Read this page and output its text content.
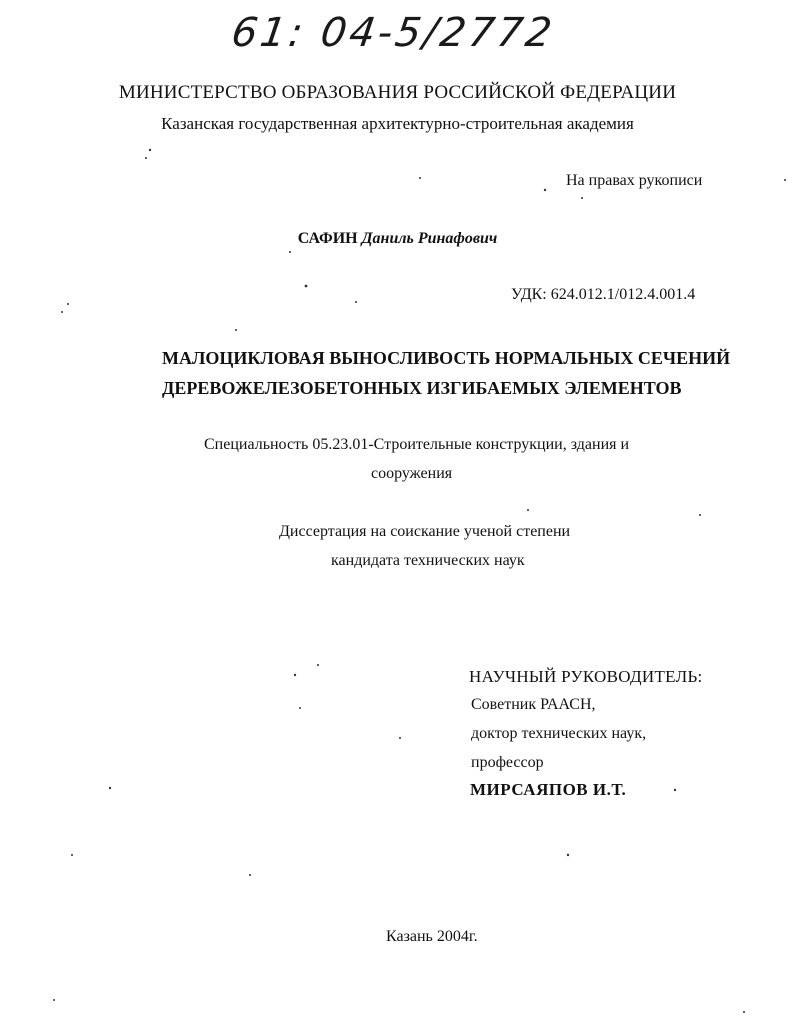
61: 04-5/2772
МИНИСТЕРСТВО ОБРАЗОВАНИЯ РОССИЙСКОЙ ФЕДЕРАЦИИ
Казанская государственная архитектурно-строительная академия
На правах рукописи
САФИН Даниль Ринафович
УДК: 624.012.1/012.4.001.4
МАЛОЦИКЛОВАЯ ВЫНОСЛИВОСТЬ НОРМАЛЬНЫХ СЕЧЕНИЙ
ДЕРЕВОЖЕЛЕЗОБЕТОННЫХ ИЗГИБАЕМЫХ ЭЛЕМЕНТОВ
Специальность 05.23.01-Строительные конструкции, здания и
сооружения
Диссертация на соискание ученой степени
кандидата технических наук
НАУЧНЫЙ РУКОВОДИТЕЛЬ:
Советник РААСН,
доктор технических наук,
профессор
МИРСАЯПОВ И.Т.
Казань 2004г.
